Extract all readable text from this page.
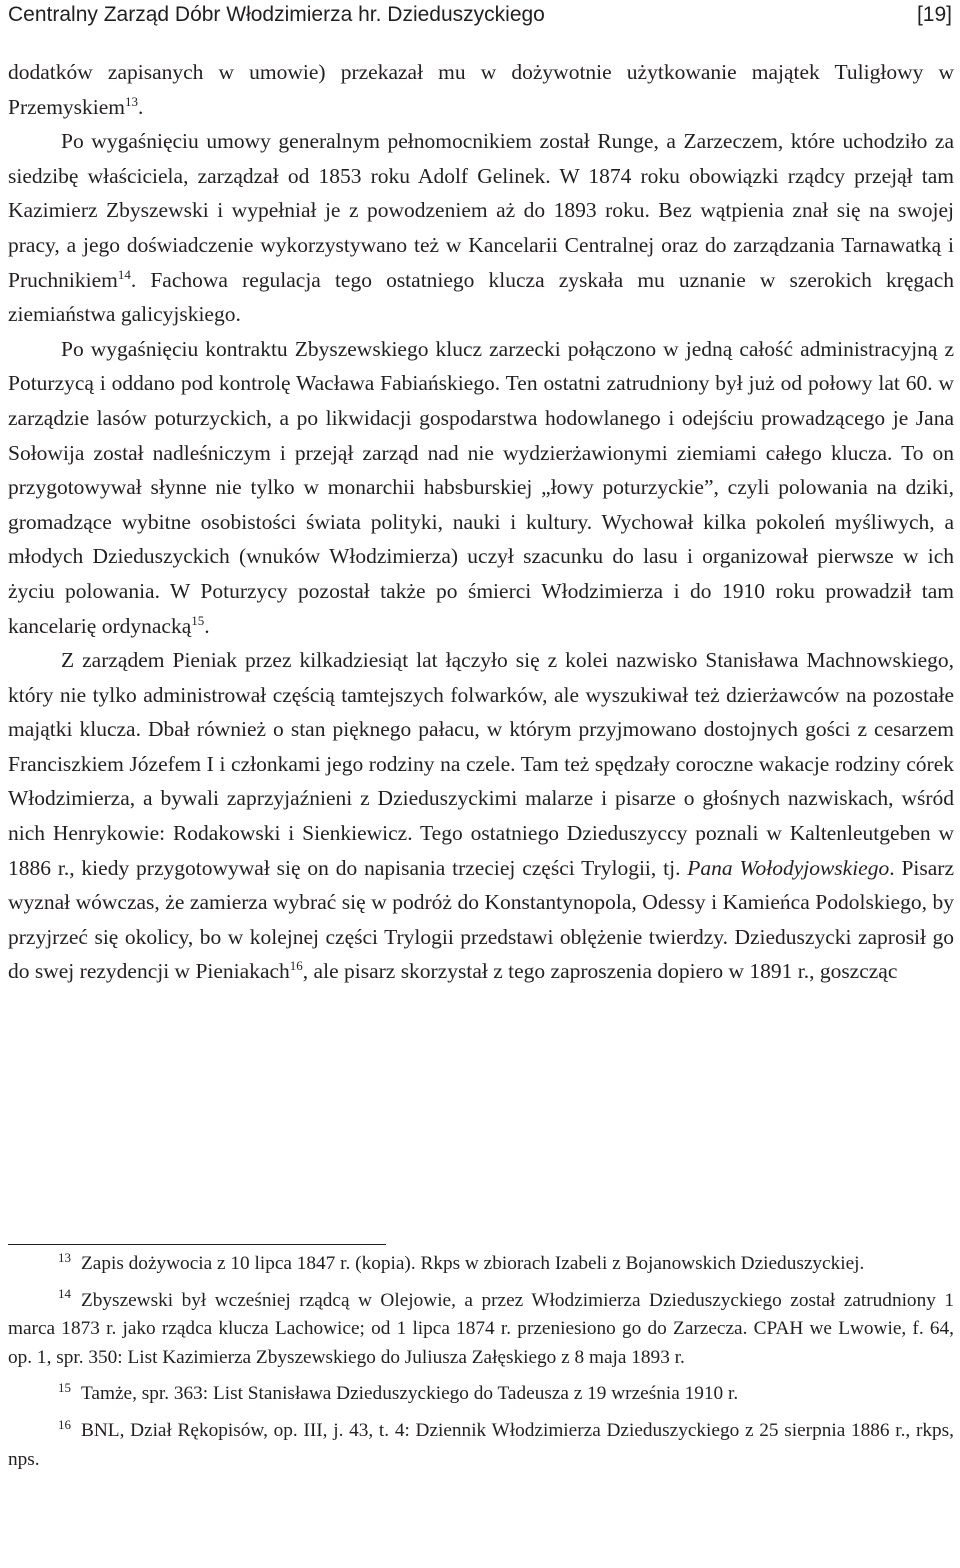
Centralny Zarząd Dóbr Włodzimierza hr. Dzieduszyckiego	[19]

dodatków zapisanych w umowie) przekazał mu w dożywotnie użytkowanie majątek Tuligłowy w Przemyskiem$^{13}$.

Po wygaśnięciu umowy generalnym pełnomocnikiem został Runge, a Zarzeczem, które uchodziło za siedzibę właściciela, zarządzał od 1853 roku Adolf Gelinek. W 1874 roku obowiązki rządcy przejął tam Kazimierz Zbyszewski i wypełniał je z powodzeniem aż do 1893 roku. Bez wątpienia znał się na swojej pracy, a jego doświadczenie wykorzystywano też w Kancelarii Centralnej oraz do zarządzania Tarnawatką i Pruchnikiem$^{14}$. Fachowa regulacja tego ostatniego klucza zyskała mu uznanie w szerokich kręgach ziemiaństwa galicyjskiego.

Po wygaśnięciu kontraktu Zbyszewskiego klucz zarzecki połączono w jedną całość administracyjną z Poturzycą i oddano pod kontrolę Wacława Fabiańskiego. Ten ostatni zatrudniony był już od połowy lat 60. w zarządzie lasów poturzyckich, a po likwidacji gospodarstwa hodowlanego i odejściu prowadzącego je Jana Sołowija został nadleśniczym i przejął zarząd nad nie wydzierżawionymi ziemiami całego klucza. To on przygotowywał słynne nie tylko w monarchii habsburskiej „łowy poturzyckie”, czyli polowania na dziki, gromadzące wybitne osobistości świata polityki, nauki i kultury. Wychował kilka pokoleń myśliwych, a młodych Dzieduszyckich (wnuków Włodzimierza) uczył szacunku do lasu i organizował pierwsze w ich życiu polowania. W Poturzycy pozostał także po śmierci Włodzimierza i do 1910 roku prowadził tam kancelarię ordynacką$^{15}$.

Z zarządem Pieniak przez kilkadziesiąt lat łączyło się z kolei nazwisko Stanisława Machnowskiego, który nie tylko administrował częścią tamtejszych folwarków, ale wyszukiwał też dzierżawców na pozostałe majątki klucza. Dbał również o stan pięknego pałacu, w którym przyjmowano dostojnych gości z cesarzem Franciszkiem Józefem I i członkami jego rodziny na czele. Tam też spędzały coroczne wakacje rodziny córek Włodzimierza, a bywali zaprzyjaźnieni z Dzieduszyckimi malarze i pisarze o głośnych nazwiskach, wśród nich Henrykowie: Rodakowski i Sienkiewicz. Tego ostatniego Dzieduszyccy poznali w Kaltenleutgeben w 1886 r., kiedy przygotowywał się on do napisania trzeciej części Trylogii, tj. Pana Wołodyjowskiego. Pisarz wyznał wówczas, że zamierza wybrać się w podróż do Konstantynopola, Odessy i Kamieńca Podolskiego, by przyjrzeć się okolicy, bo w kolejnej części Trylogii przedstawi oblężenie twierdzy. Dzieduszycki zaprosił go do swej rezydencji w Pieniakach$^{16}$, ale pisarz skorzystał z tego zaproszenia dopiero w 1891 r., goszcząc

$^{13}$ Zapis dożywocia z 10 lipca 1847 r. (kopia). Rkps w zbiorach Izabeli z Bojanowskich Dzieduszyckiej.

$^{14}$ Zbyszewski był wcześniej rządcą w Olejowie, a przez Włodzimierza Dzieduszyckiego został zatrudniony 1 marca 1873 r. jako rządca klucza Lachowice; od 1 lipca 1874 r. przeniesiono go do Zarzecza. CPAH we Lwowie, f. 64, op. 1, spr. 350: List Kazimierza Zbyszewskiego do Juliusza Załęskiego z 8 maja 1893 r.

$^{15}$ Tamże, spr. 363: List Stanisława Dzieduszyckiego do Tadeusza z 19 września 1910 r.

$^{16}$ BNL, Dział Rękopisów, op. III, j. 43, t. 4: Dziennik Włodzimierza Dzieduszyckiego z 25 sierpnia 1886 r., rkps, nps.
